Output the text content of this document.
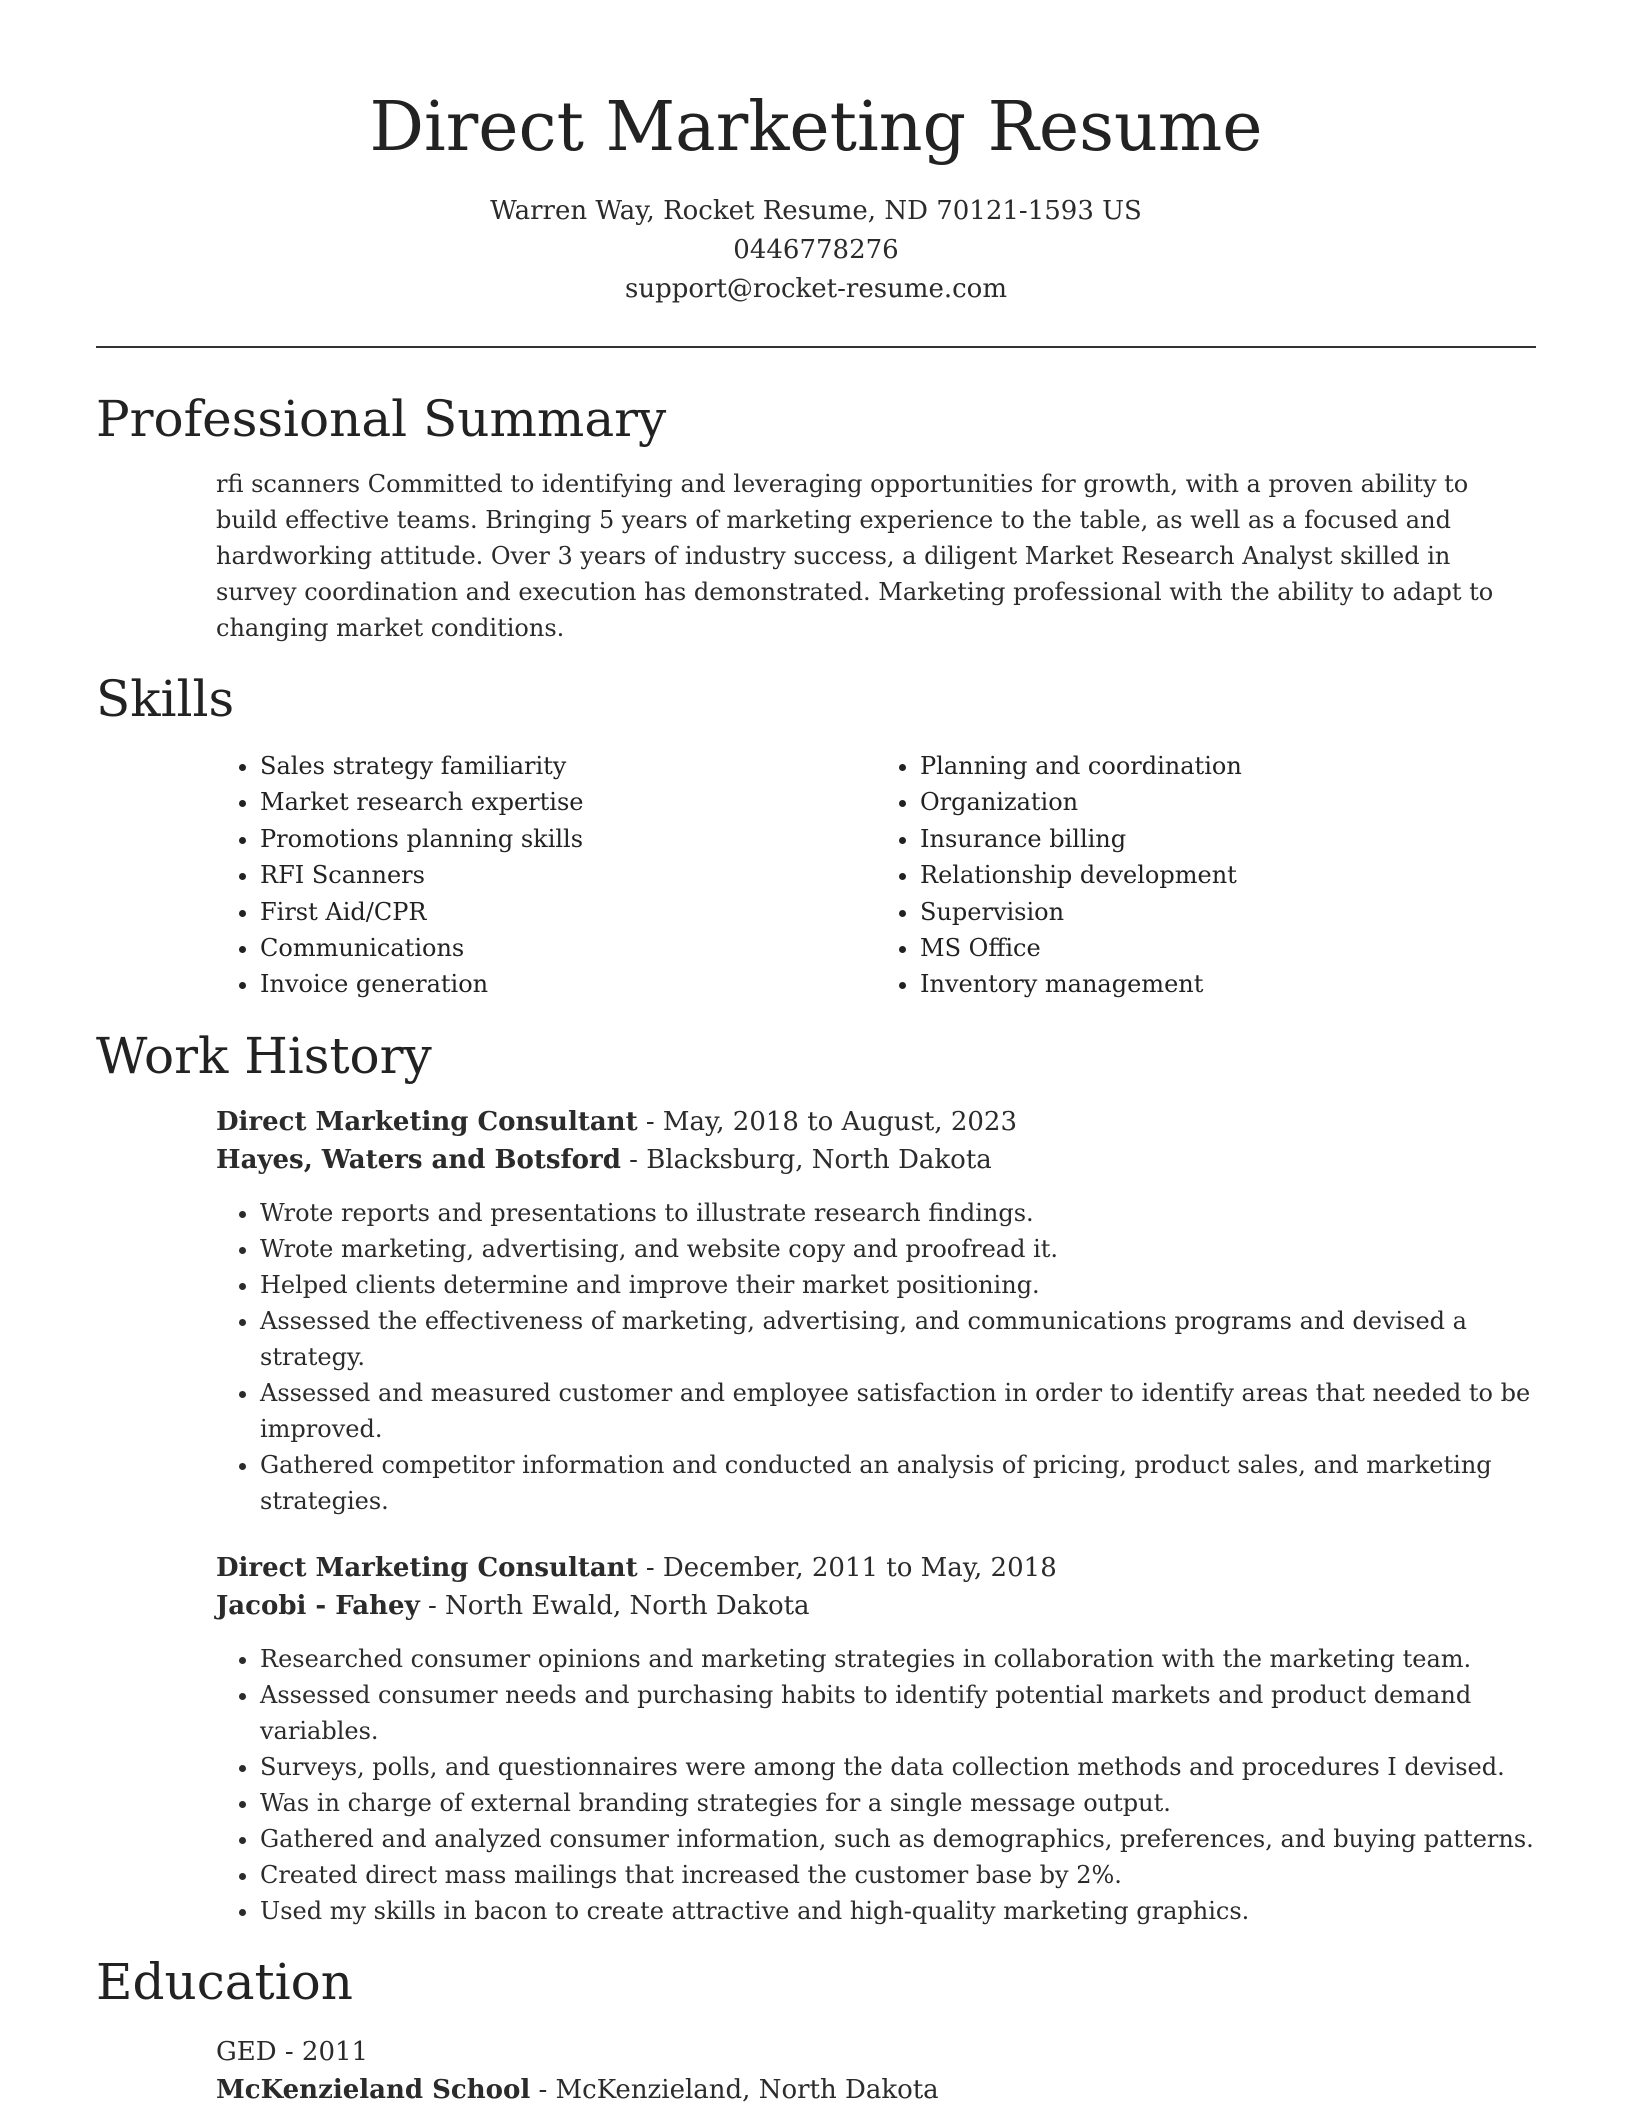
Direct Marketing Resume
Warren Way, Rocket Resume, ND 70121-1593 US
0446778276
support@rocket-resume.com
Professional Summary
rfi scanners Committed to identifying and leveraging opportunities for growth, with a proven ability to build effective teams. Bringing 5 years of marketing experience to the table, as well as a focused and hardworking attitude. Over 3 years of industry success, a diligent Market Research Analyst skilled in survey coordination and execution has demonstrated. Marketing professional with the ability to adapt to changing market conditions.
Skills
• Sales strategy familiarity
• Market research expertise
• Promotions planning skills
• RFI Scanners
• First Aid/CPR
• Communications
• Invoice generation
• Planning and coordination
• Organization
• Insurance billing
• Relationship development
• Supervision
• MS Office
• Inventory management
Work History
Direct Marketing Consultant - May, 2018 to August, 2023
Hayes, Waters and Botsford - Blacksburg, North Dakota
• Wrote reports and presentations to illustrate research findings.
• Wrote marketing, advertising, and website copy and proofread it.
• Helped clients determine and improve their market positioning.
• Assessed the effectiveness of marketing, advertising, and communications programs and devised a strategy.
• Assessed and measured customer and employee satisfaction in order to identify areas that needed to be improved.
• Gathered competitor information and conducted an analysis of pricing, product sales, and marketing strategies.
Direct Marketing Consultant - December, 2011 to May, 2018
Jacobi - Fahey - North Ewald, North Dakota
• Researched consumer opinions and marketing strategies in collaboration with the marketing team.
• Assessed consumer needs and purchasing habits to identify potential markets and product demand variables.
• Surveys, polls, and questionnaires were among the data collection methods and procedures I devised.
• Was in charge of external branding strategies for a single message output.
• Gathered and analyzed consumer information, such as demographics, preferences, and buying patterns.
• Created direct mass mailings that increased the customer base by 2%.
• Used my skills in bacon to create attractive and high-quality marketing graphics.
Education
GED - 2011
McKenzieland School - McKenzieland, North Dakota
